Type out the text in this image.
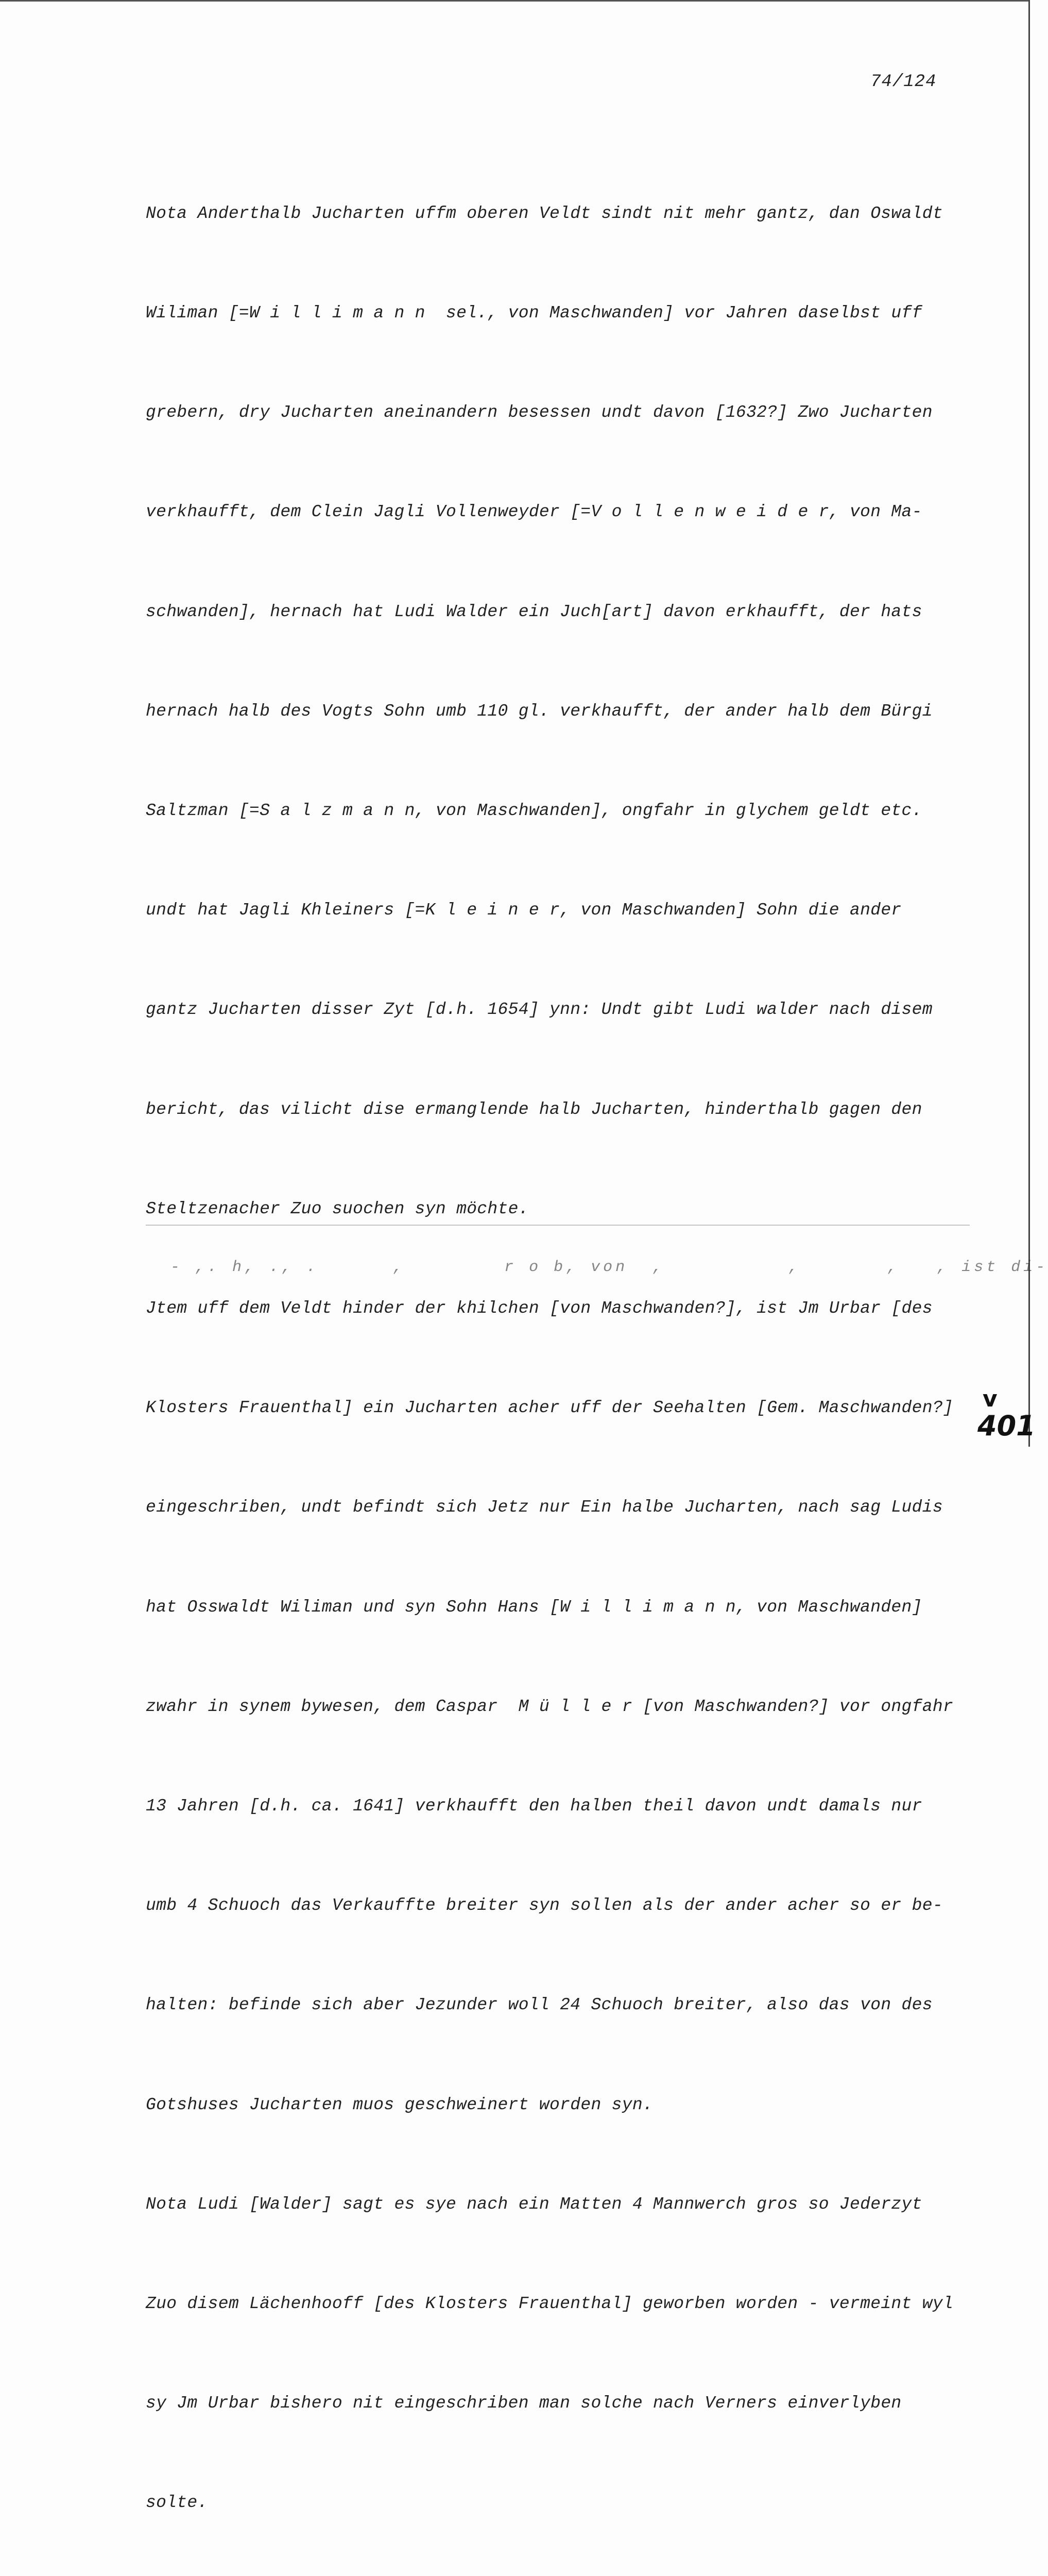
74/124

Nota Anderthalb Jucharten uffm oberen Veldt sindt nit mehr gantz, dan Oswaldt

Wiliman [=W i l l i m a n n  sel., von Maschwanden] vor Jahren daselbst uff

grebern, dry Jucharten aneinandern besessen undt davon [1632?] Zwo Jucharten

verkhaufft, dem Clein Jagli Vollenweyder [=V o l l e n w e i d e r, von Ma-

schwanden], hernach hat Ludi Walder ein Juch[art] davon erkhaufft, der hats

hernach halb des Vogts Sohn umb 110 gl. verkhaufft, der ander halb dem Bürgi

Saltzman [=S a l z m a n n, von Maschwanden], ongfahr in glychem geldt etc.

undt hat Jagli Khleiners [=K l e i n e r, von Maschwanden] Sohn die ander

gantz Jucharten disser Zyt [d.h. 1654] ynn: Undt gibt Ludi walder nach disem

bericht, das vilicht dise ermanglende halb Jucharten, hinderthalb gagen den

Steltzenacher Zuo suochen syn möchte.

Jtem uff dem Veldt hinder der khilchen [von Maschwanden?], ist Jm Urbar [des

Klosters Frauenthal] ein Jucharten acher uff der Seehalten [Gem. Maschwanden?]

eingeschriben, undt befindt sich Jetz nur Ein halbe Jucharten, nach sag Ludis

hat Osswaldt Wiliman und syn Sohn Hans [W i l l i m a n n, von Maschwanden]

zwahr in synem bywesen, dem Caspar  M ü l l e r [von Maschwanden?] vor ongfahr

13 Jahren [d.h. ca. 1641] verkhaufft den halben theil davon undt damals nur

umb 4 Schuoch das Verkauffte breiter syn sollen als der ander acher so er be-

halten: befinde sich aber Jezunder woll 24 Schuoch breiter, also das von des

Gotshuses Jucharten muos geschweinert worden syn.

Nota Ludi [Walder] sagt es sye nach ein Matten 4 Mannwerch gros so Jederzyt

Zuo disem Lächenhooff [des Klosters Frauenthal] geworben worden - vermeint wyl

sy Jm Urbar bishero nit eingeschriben man solche nach Verners einverlyben

solte.

- ,. h, ., .      ,        r o b, von  ,          ,       ,   , ist di-

v
401
